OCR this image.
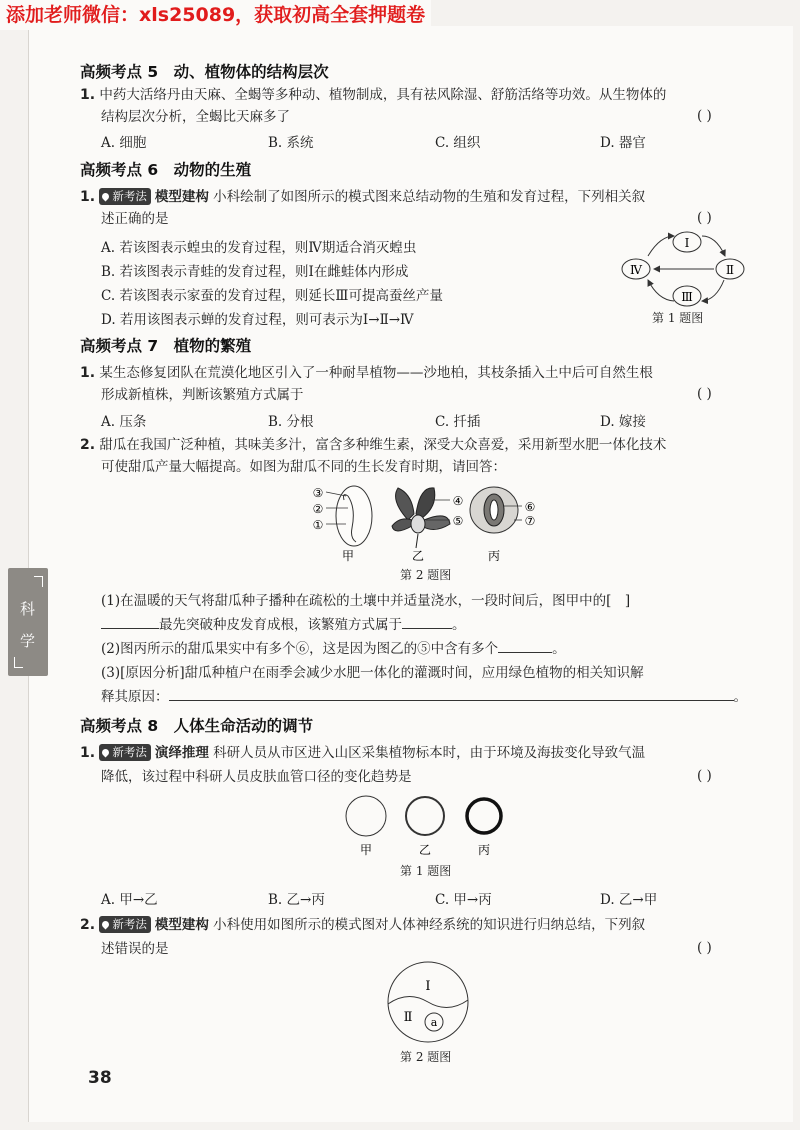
添加老师微信：xls25089，获取初高全套押题卷
科
学
高频考点 5　动、植物体的结构层次
1. 中药大活络丹由天麻、全蝎等多种动、植物制成，具有祛风除湿、舒筋活络等功效。从生物体的
结构层次分析，全蝎比天麻多了	( )
A. 细胞	B. 系统	C. 组织	D. 器官
高频考点 6　动物的生殖
1. 新考法 模型建构 小科绘制了如图所示的模式图来总结动物的生殖和发育过程，下列相关叙
述正确的是	( )
A. 若该图表示蝗虫的发育过程，则Ⅳ期适合消灭蝗虫
B. 若该图表示青蛙的发育过程，则Ⅰ在雌蛙体内形成
C. 若该图表示家蚕的发育过程，则延长Ⅲ可提高蚕丝产量
D. 若用该图表示蝉的发育过程，则可表示为Ⅰ→Ⅱ→Ⅳ
Ⅰ
Ⅱ
Ⅲ
Ⅳ
第 1 题图
高频考点 7　植物的繁殖
1. 某生态修复团队在荒漠化地区引入了一种耐旱植物——沙地柏，其枝条插入土中后可自然生根
形成新植株，判断该繁殖方式属于	( )
A. 压条	B. 分根	C. 扦插	D. 嫁接
2. 甜瓜在我国广泛种植，其味美多汁，富含多种维生素，深受大众喜爱，采用新型水肥一体化技术
可使甜瓜产量大幅提高。如图为甜瓜不同的生长发育时期，请回答：
③
②
①
④
⑤
⑥
⑦
甲	乙	丙
第 2 题图
(1)在温暖的天气将甜瓜种子播种在疏松的土壤中并适量浇水，一段时间后，图甲中的[　]
最先突破种皮发育成根，该繁殖方式属于	。
(2)图丙所示的甜瓜果实中有多个⑥，这是因为图乙的⑤中含有多个	。
(3)[原因分析]甜瓜种植户在雨季会减少水肥一体化的灌溉时间，应用绿色植物的相关知识解
释其原因：	。
高频考点 8　人体生命活动的调节
1. 新考法 演绎推理 科研人员从市区进入山区采集植物标本时，由于环境及海拔变化导致气温
降低，该过程中科研人员皮肤血管口径的变化趋势是	( )
甲	乙	丙
第 1 题图
A. 甲→乙	B. 乙→丙	C. 甲→丙	D. 乙→甲
2. 新考法 模型建构 小科使用如图所示的模式图对人体神经系统的知识进行归纳总结，下列叙
述错误的是	( )
Ⅰ
Ⅱ a
第 2 题图
38
